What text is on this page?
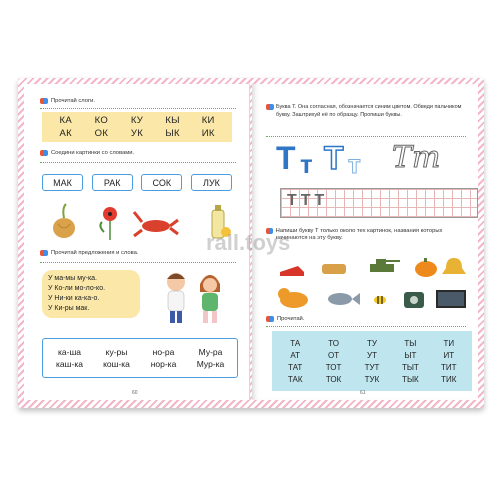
Прочитай слоги.
КА	КО	КУ	КЫ	КИ
АК	ОК	УК	ЫК	ИК
Соедини картинки со словами.
МАК	РАК	СОК	ЛУК
Прочитай предложения и слова.
У ма-мы му-ка.
У Ко-ли мо-ло-ко.
У Ни-ки ка-ка-о.
У Ки-ры мак.
ка-ша	ку-ры	но-ра	Му-ра
каш-ка	кош-ка	нор-ка	Мур-ка
60
Буква Т. Она согласная, обозначается синим цветом. Обведи пальчиком букву. Заштрихуй её по образцу. Пропиши буквы.
Т т Т т Тт
ТТТ
Напиши букву Т только около тех картинок, названия которых начинаются на эту букву.
Прочитай.
ТА	ТО	ТУ	ТЫ	ТИ
АТ	ОТ	УТ	ЫТ	ИТ
ТАТ	ТОТ	ТУТ	ТЫТ	ТИТ
ТАК	ТОК	ТУК	ТЫК	ТИК
61
rall.toys
